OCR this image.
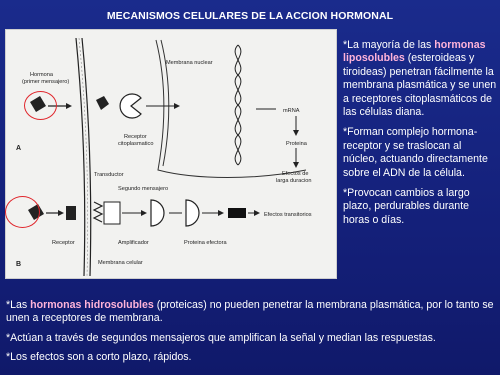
MECANISMOS CELULARES DE LA ACCION HORMONAL
Hormona
(primer mensajero)
Membrana nuclear
mRNA
Proteina
Efectos de
larga duracion
Receptor
citoplasmatico
Transductor
Segundo mensajero
Efectos transitorios
Receptor	Amplificador	Proteina efectora
Membrana celular
A
B

*La mayoría de las hormonas liposolubles (esteroideas y tiroideas) penetran fácilmente la membrana plasmática y se unen a receptores citoplasmáticos de las células diana.

*Forman complejo hormona-receptor y se traslocan al núcleo, actuando directamente sobre el ADN de la célula.

*Provocan cambios a largo plazo, perdurables durante horas o días.

*Las hormonas hidrosolubles (proteicas) no pueden penetrar la membrana plasmática, por lo tanto se unen a receptores de membrana.

*Actúan a través de segundos mensajeros que amplifican la señal y median las respuestas.

*Los efectos son a corto plazo, rápidos.
